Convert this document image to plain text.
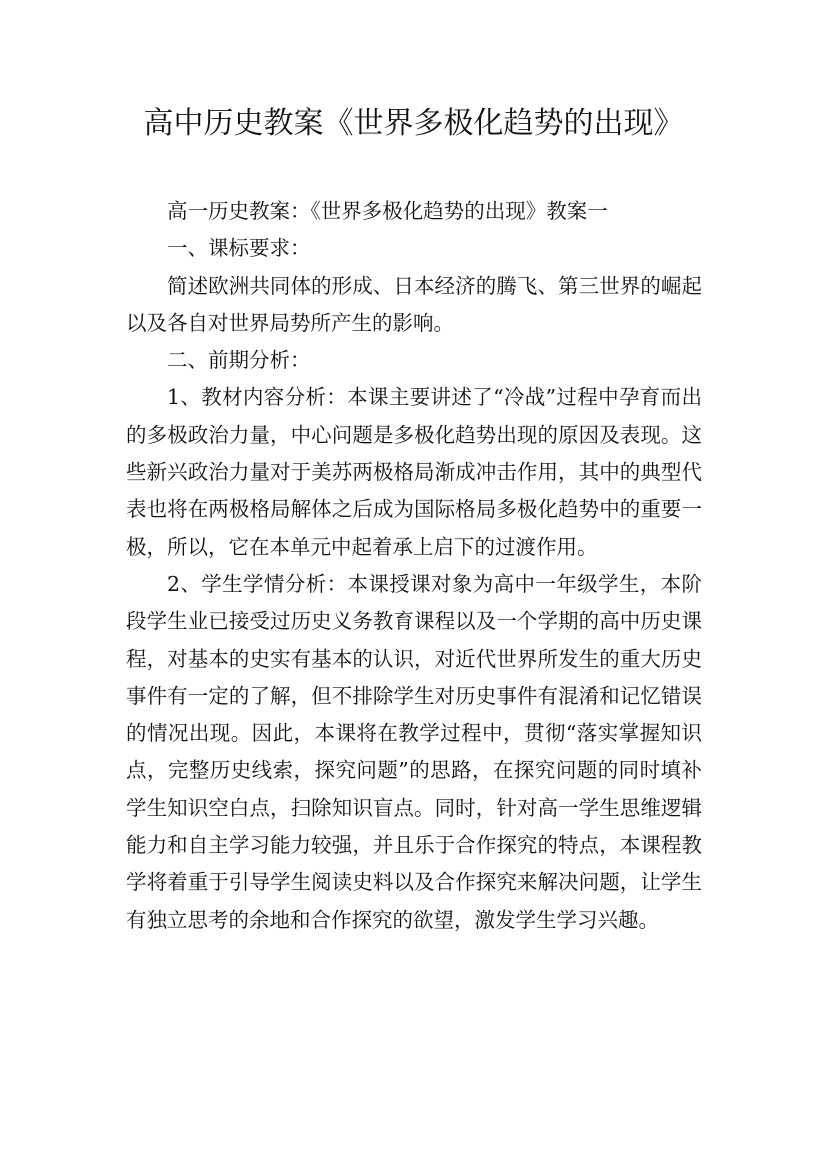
高中历史教案《世界多极化趋势的出现》

高一历史教案：《世界多极化趋势的出现》教案一

一、课标要求：

简述欧洲共同体的形成、日本经济的腾飞、第三世界的崛起以及各自对世界局势所产生的影响。

二、前期分析：

1、教材内容分析：本课主要讲述了“冷战”过程中孕育而出的多极政治力量，中心问题是多极化趋势出现的原因及表现。这些新兴政治力量对于美苏两极格局渐成冲击作用，其中的典型代表也将在两极格局解体之后成为国际格局多极化趋势中的重要一极，所以，它在本单元中起着承上启下的过渡作用。

2、学生学情分析：本课授课对象为高中一年级学生，本阶段学生业已接受过历史义务教育课程以及一个学期的高中历史课程，对基本的史实有基本的认识，对近代世界所发生的重大历史事件有一定的了解，但不排除学生对历史事件有混淆和记忆错误的情况出现。因此，本课将在教学过程中，贯彻“落实掌握知识点，完整历史线索，探究问题”的思路，在探究问题的同时填补学生知识空白点，扫除知识盲点。同时，针对高一学生思维逻辑能力和自主学习能力较强，并且乐于合作探究的特点，本课程教学将着重于引导学生阅读史料以及合作探究来解决问题，让学生有独立思考的余地和合作探究的欲望，激发学生学习兴趣。
